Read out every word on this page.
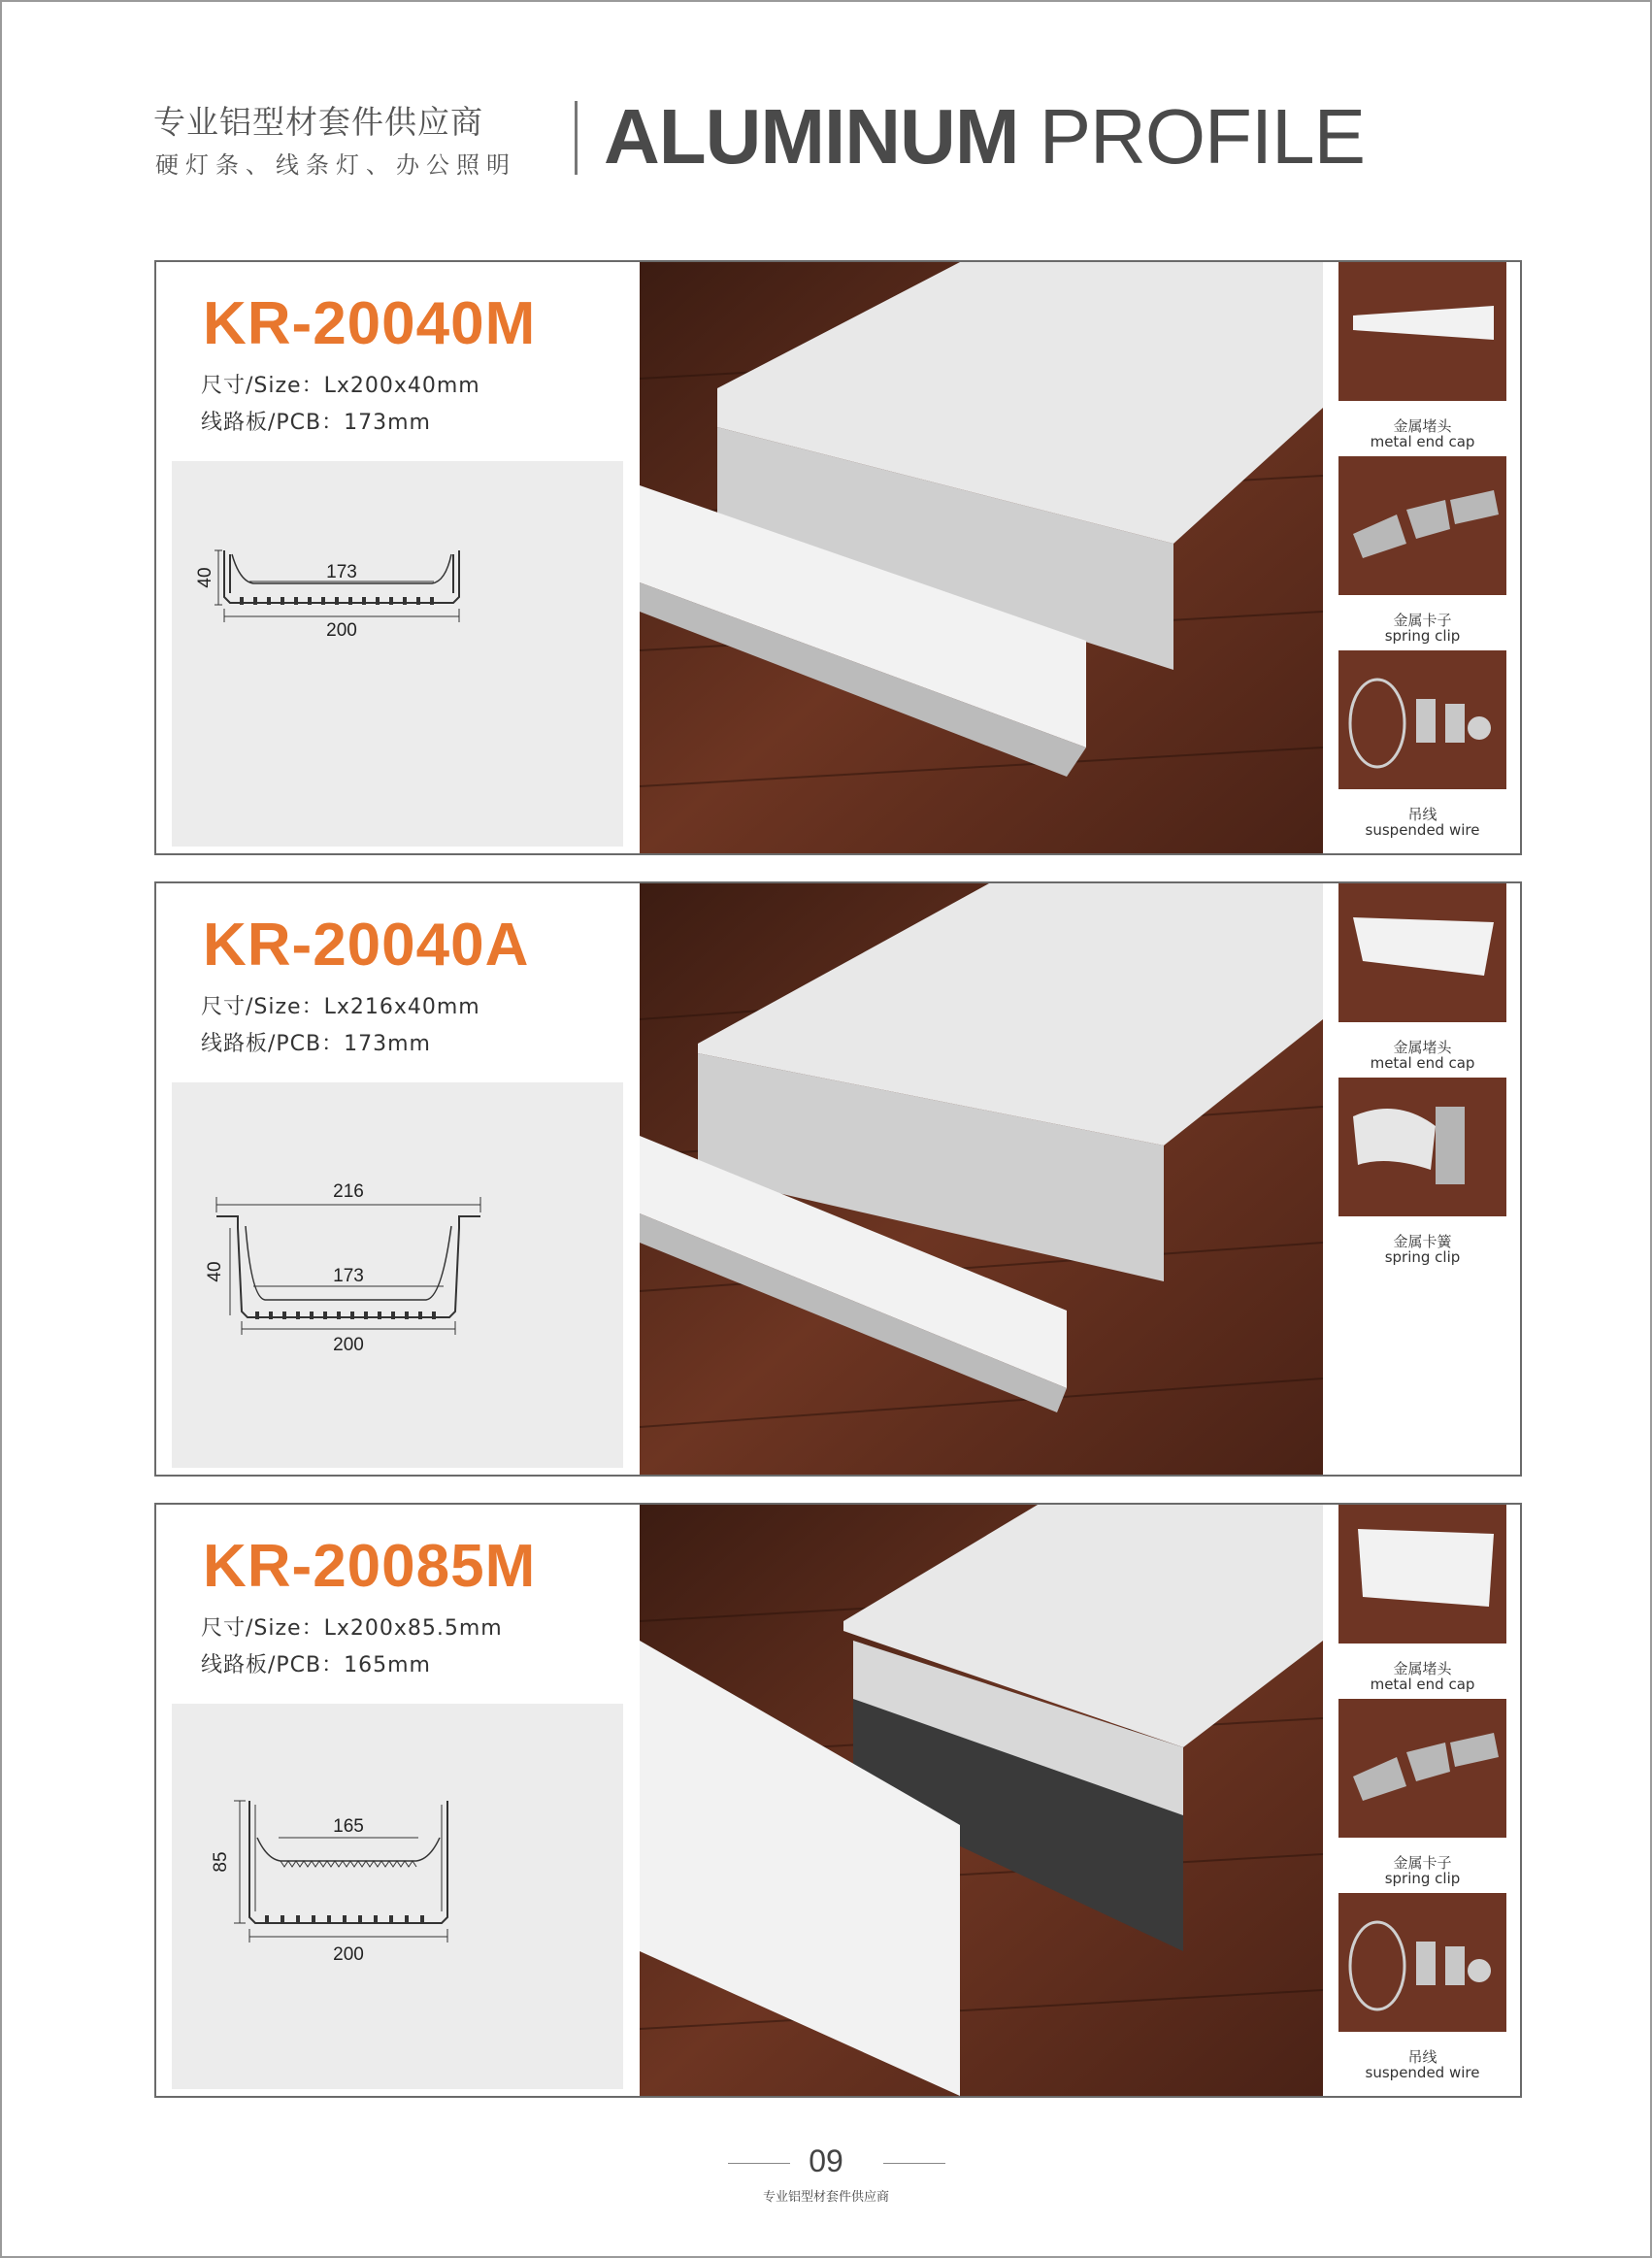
专业铝型材套件供应商
硬灯条、线条灯、办公照明 ALUMINUM PROFILE
KR-20040M
尺寸/Size：Lx200x40mm
线路板/PCB：173mm
173
200
40
金属堵头
metal end cap
金属卡子
spring clip
吊线
suspended wire
KR-20040A
尺寸/Size：Lx216x40mm
线路板/PCB：173mm
216
173
200
40
金属堵头
metal end cap
金属卡簧
spring clip
KR-20085M
尺寸/Size：Lx200x85.5mm
线路板/PCB：165mm
165
200
85
金属堵头
metal end cap
金属卡子
spring clip
吊线
suspended wire
09
专业铝型材套件供应商
